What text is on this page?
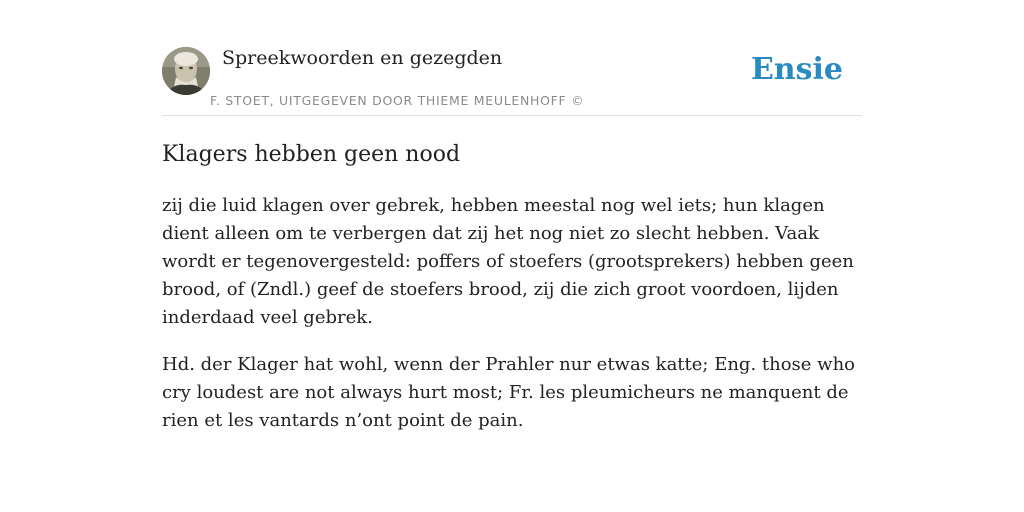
Spreekwoorden en gezegden
F. STOET, UITGEGEVEN DOOR THIEME MEULENHOFF ©
Ensie
Klagers hebben geen nood

zij die luid klagen over gebrek, hebben meestal nog wel iets; hun klagen dient alleen om te verbergen dat zij het nog niet zo slecht hebben. Vaak wordt er tegenovergesteld: poffers of stoefers (grootsprekers) hebben geen brood, of (Zndl.) geef de stoefers brood, zij die zich groot voordoen, lijden inderdaad veel gebrek.

Hd. der Klager hat wohl, wenn der Prahler nur etwas katte; Eng. those who cry loudest are not always hurt most; Fr. les pleumicheurs ne manquent de rien et les vantards n’ont point de pain.
